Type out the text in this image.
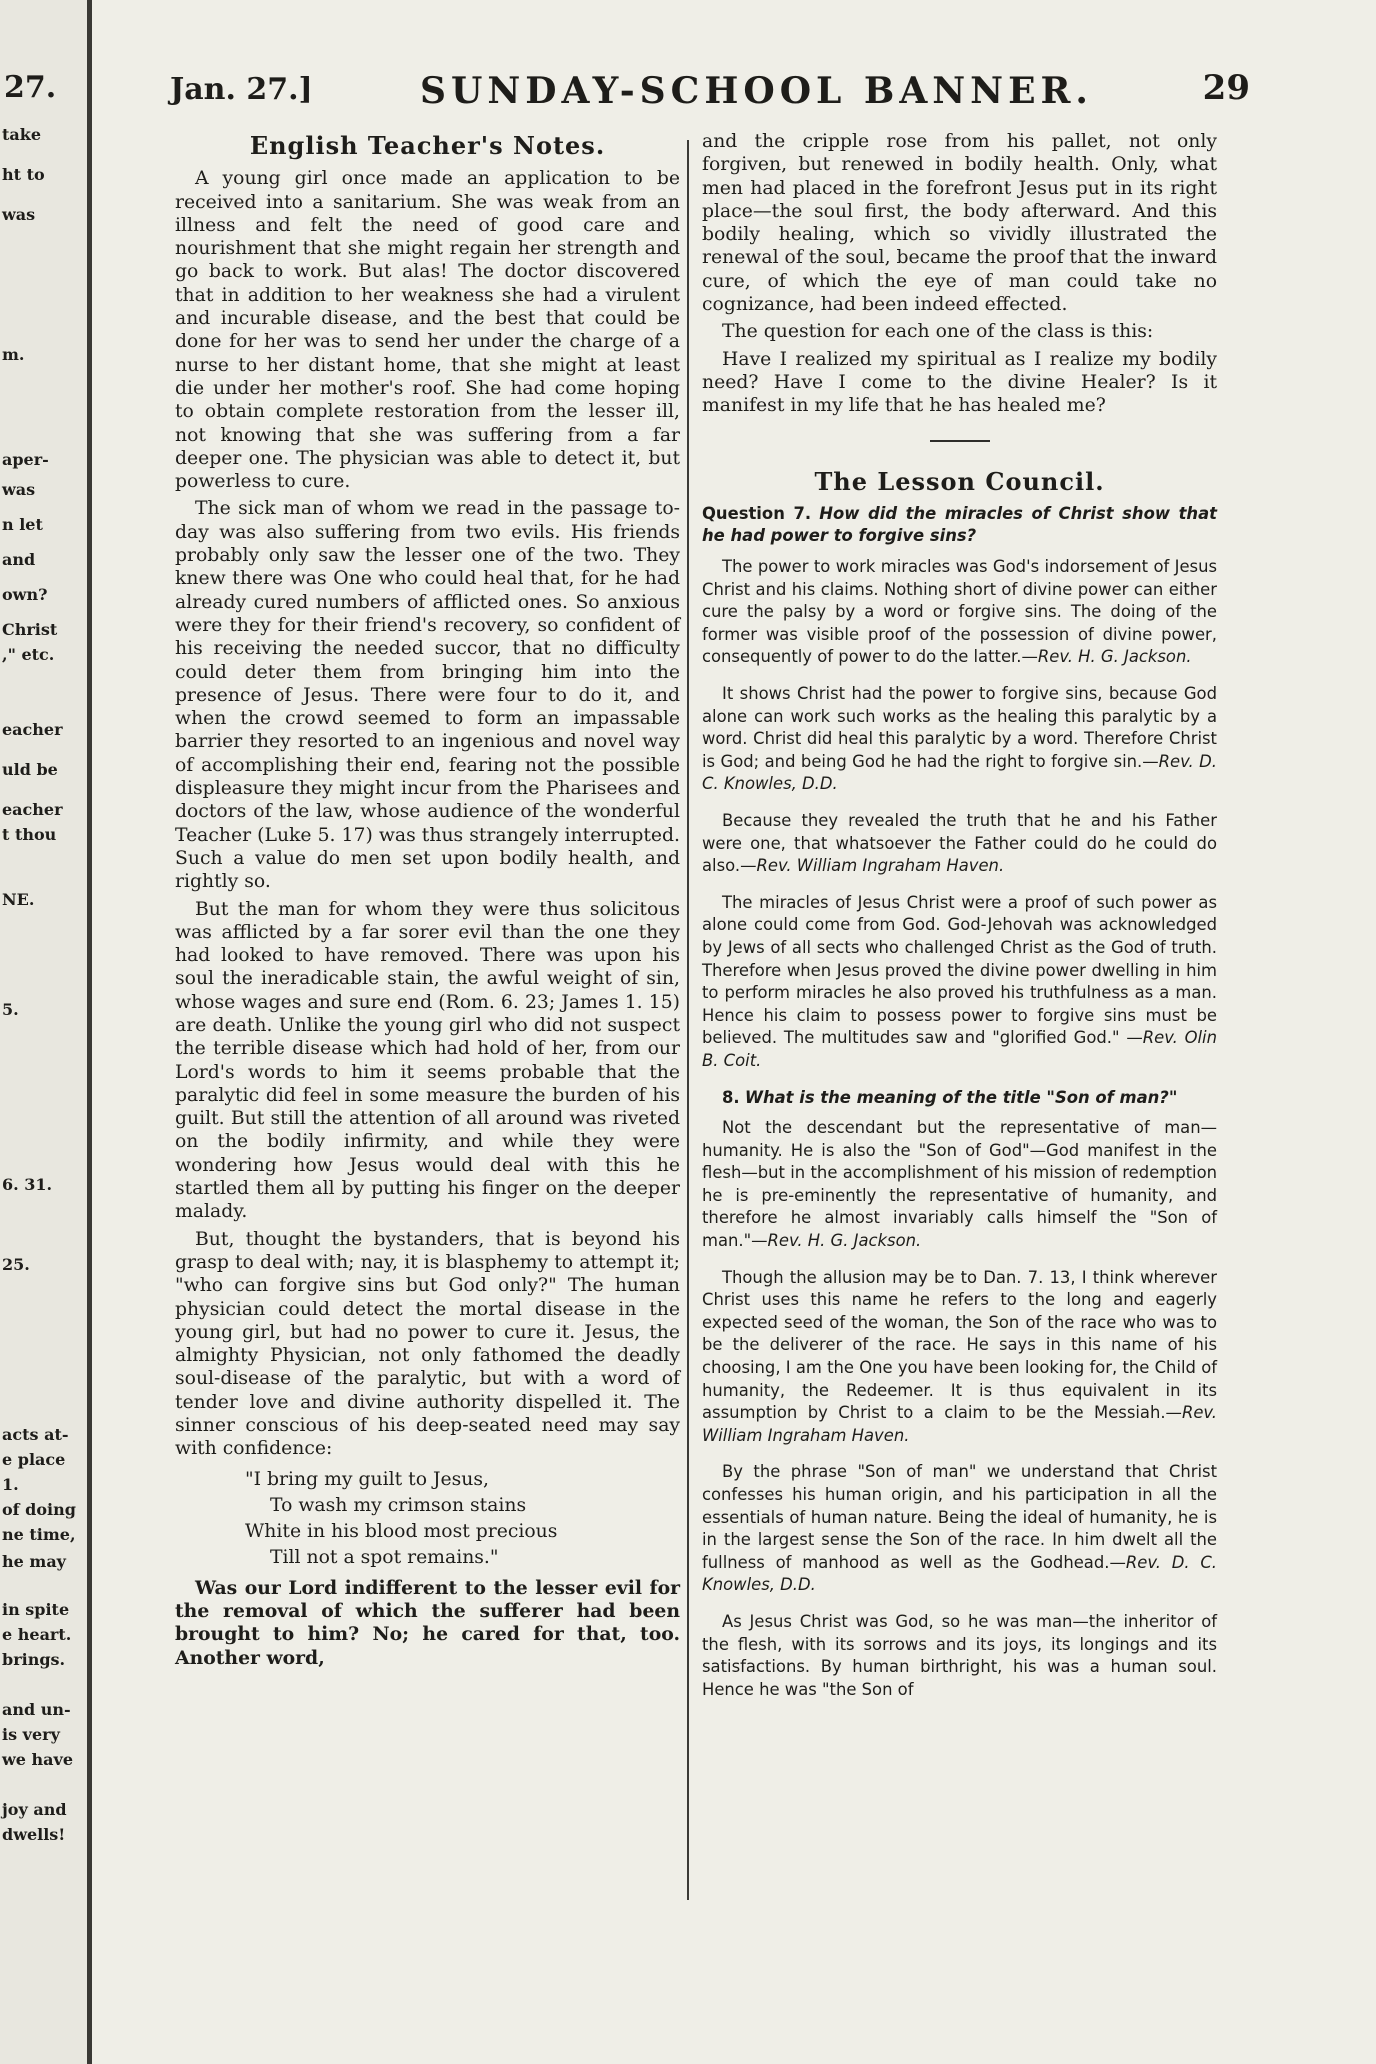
27.
take
ht to
was
m.
aper-
was
n let
and
own?
Christ
," etc.
eacher
uld be
eacher
t thou
NE.
5.
6. 31.
25.
acts at-
e place
1.
of doing
ne time,
he may
in spite
e heart.
brings.
and un-
is very
we have
joy and
dwells!
Jan. 27.]	SUNDAY-SCHOOL BANNER.	29
English Teacher's Notes.

A young girl once made an application to be received into a sanitarium. She was weak from an illness and felt the need of good care and nourishment that she might regain her strength and go back to work. But alas! The doctor discovered that in addition to her weakness she had a virulent and incurable disease, and the best that could be done for her was to send her under the charge of a nurse to her distant home, that she might at least die under her mother's roof. She had come hoping to obtain complete restoration from the lesser ill, not knowing that she was suffering from a far deeper one. The physician was able to detect it, but powerless to cure.

The sick man of whom we read in the passage to-day was also suffering from two evils. His friends probably only saw the lesser one of the two. They knew there was One who could heal that, for he had already cured numbers of afflicted ones. So anxious were they for their friend's recovery, so confident of his receiving the needed succor, that no difficulty could deter them from bringing him into the presence of Jesus. There were four to do it, and when the crowd seemed to form an impassable barrier they resorted to an ingenious and novel way of accomplishing their end, fearing not the possible displeasure they might incur from the Pharisees and doctors of the law, whose audience of the wonderful Teacher (Luke 5. 17) was thus strangely interrupted. Such a value do men set upon bodily health, and rightly so.

But the man for whom they were thus solicitous was afflicted by a far sorer evil than the one they had looked to have removed. There was upon his soul the ineradicable stain, the awful weight of sin, whose wages and sure end (Rom. 6. 23; James 1. 15) are death. Unlike the young girl who did not suspect the terrible disease which had hold of her, from our Lord's words to him it seems probable that the paralytic did feel in some measure the burden of his guilt. But still the attention of all around was riveted on the bodily infirmity, and while they were wondering how Jesus would deal with this he startled them all by putting his finger on the deeper malady.

But, thought the bystanders, that is beyond his grasp to deal with; nay, it is blasphemy to attempt it; "who can forgive sins but God only?" The human physician could detect the mortal disease in the young girl, but had no power to cure it. Jesus, the almighty Physician, not only fathomed the deadly soul-disease of the paralytic, but with a word of tender love and divine authority dispelled it. The sinner conscious of his deep-seated need may say with confidence:

"I bring my guilt to Jesus,
To wash my crimson stains
White in his blood most precious
Till not a spot remains."

Was our Lord indifferent to the lesser evil for the removal of which the sufferer had been brought to him? No; he cared for that, too. Another word,

and the cripple rose from his pallet, not only forgiven, but renewed in bodily health. Only, what men had placed in the forefront Jesus put in its right place—the soul first, the body afterward. And this bodily healing, which so vividly illustrated the renewal of the soul, became the proof that the inward cure, of which the eye of man could take no cognizance, had been indeed effected.

The question for each one of the class is this:

Have I realized my spiritual as I realize my bodily need? Have I come to the divine Healer? Is it manifest in my life that he has healed me?

The Lesson Council.

Question 7. How did the miracles of Christ show that he had power to forgive sins?

The power to work miracles was God's indorsement of Jesus Christ and his claims. Nothing short of divine power can either cure the palsy by a word or forgive sins. The doing of the former was visible proof of the possession of divine power, consequently of power to do the latter.—Rev. H. G. Jackson.

It shows Christ had the power to forgive sins, because God alone can work such works as the healing this paralytic by a word. Christ did heal this paralytic by a word. Therefore Christ is God; and being God he had the right to forgive sin.—Rev. D. C. Knowles, D.D.

Because they revealed the truth that he and his Father were one, that whatsoever the Father could do he could do also.—Rev. William Ingraham Haven.

The miracles of Jesus Christ were a proof of such power as alone could come from God. God-Jehovah was acknowledged by Jews of all sects who challenged Christ as the God of truth. Therefore when Jesus proved the divine power dwelling in him to perform miracles he also proved his truthfulness as a man. Hence his claim to possess power to forgive sins must be believed. The multitudes saw and "glorified God." —Rev. Olin B. Coit.

8. What is the meaning of the title "Son of man?"

Not the descendant but the representative of man—humanity. He is also the "Son of God"—God manifest in the flesh—but in the accomplishment of his mission of redemption he is pre-eminently the representative of humanity, and therefore he almost invariably calls himself the "Son of man."—Rev. H. G. Jackson.

Though the allusion may be to Dan. 7. 13, I think wherever Christ uses this name he refers to the long and eagerly expected seed of the woman, the Son of the race who was to be the deliverer of the race. He says in this name of his choosing, I am the One you have been looking for, the Child of humanity, the Redeemer. It is thus equivalent in its assumption by Christ to a claim to be the Messiah.—Rev. William Ingraham Haven.

By the phrase "Son of man" we understand that Christ confesses his human origin, and his participation in all the essentials of human nature. Being the ideal of humanity, he is in the largest sense the Son of the race. In him dwelt all the fullness of manhood as well as the Godhead.—Rev. D. C. Knowles, D.D.

As Jesus Christ was God, so he was man—the inheritor of the flesh, with its sorrows and its joys, its longings and its satisfactions. By human birthright, his was a human soul. Hence he was "the Son of
